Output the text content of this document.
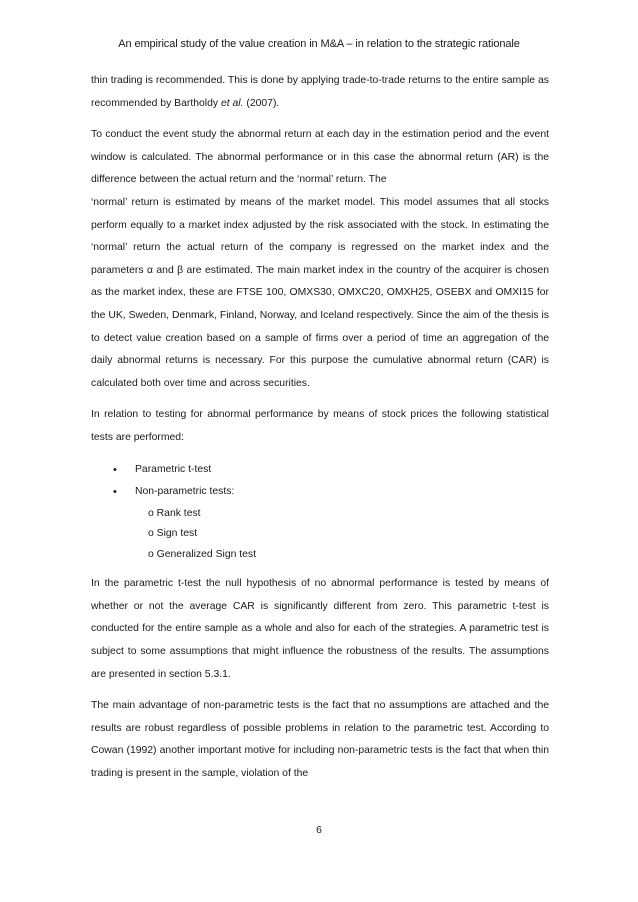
An empirical study of the value creation in M&A – in relation to the strategic rationale

thin trading is recommended. This is done by applying trade-to-trade returns to the entire sample as recommended by Bartholdy et al. (2007).

To conduct the event study the abnormal return at each day in the estimation period and the event window is calculated. The abnormal performance or in this case the abnormal return (AR) is the difference between the actual return and the ‘normal’ return. The

‘normal’ return is estimated by means of the market model. This model assumes that all stocks perform equally to a market index adjusted by the risk associated with the stock. In estimating the ‘normal’ return the actual return of the company is regressed on the market index and the parameters α and β are estimated. The main market index in the country of the acquirer is chosen as the market index, these are FTSE 100, OMXS30, OMXC20, OMXH25, OSEBX and OMXI15 for the UK, Sweden, Denmark, Finland, Norway, and Iceland respectively. Since the aim of the thesis is to detect value creation based on a sample of firms over a period of time an aggregation of the daily abnormal returns is necessary. For this purpose the cumulative abnormal return (CAR) is calculated both over time and across securities.

In relation to testing for abnormal performance by means of stock prices the following statistical tests are performed:

• Parametric t-test
• Non-parametric tests:
o Rank test
o Sign test
o Generalized Sign test

In the parametric t-test the null hypothesis of no abnormal performance is tested by means of whether or not the average CAR is significantly different from zero. This parametric t-test is conducted for the entire sample as a whole and also for each of the strategies. A parametric test is subject to some assumptions that might influence the robustness of the results. The assumptions are presented in section 5.3.1.

The main advantage of non-parametric tests is the fact that no assumptions are attached and the results are robust regardless of possible problems in relation to the parametric test. According to Cowan (1992) another important motive for including non-parametric tests is the fact that when thin trading is present in the sample, violation of the

6
